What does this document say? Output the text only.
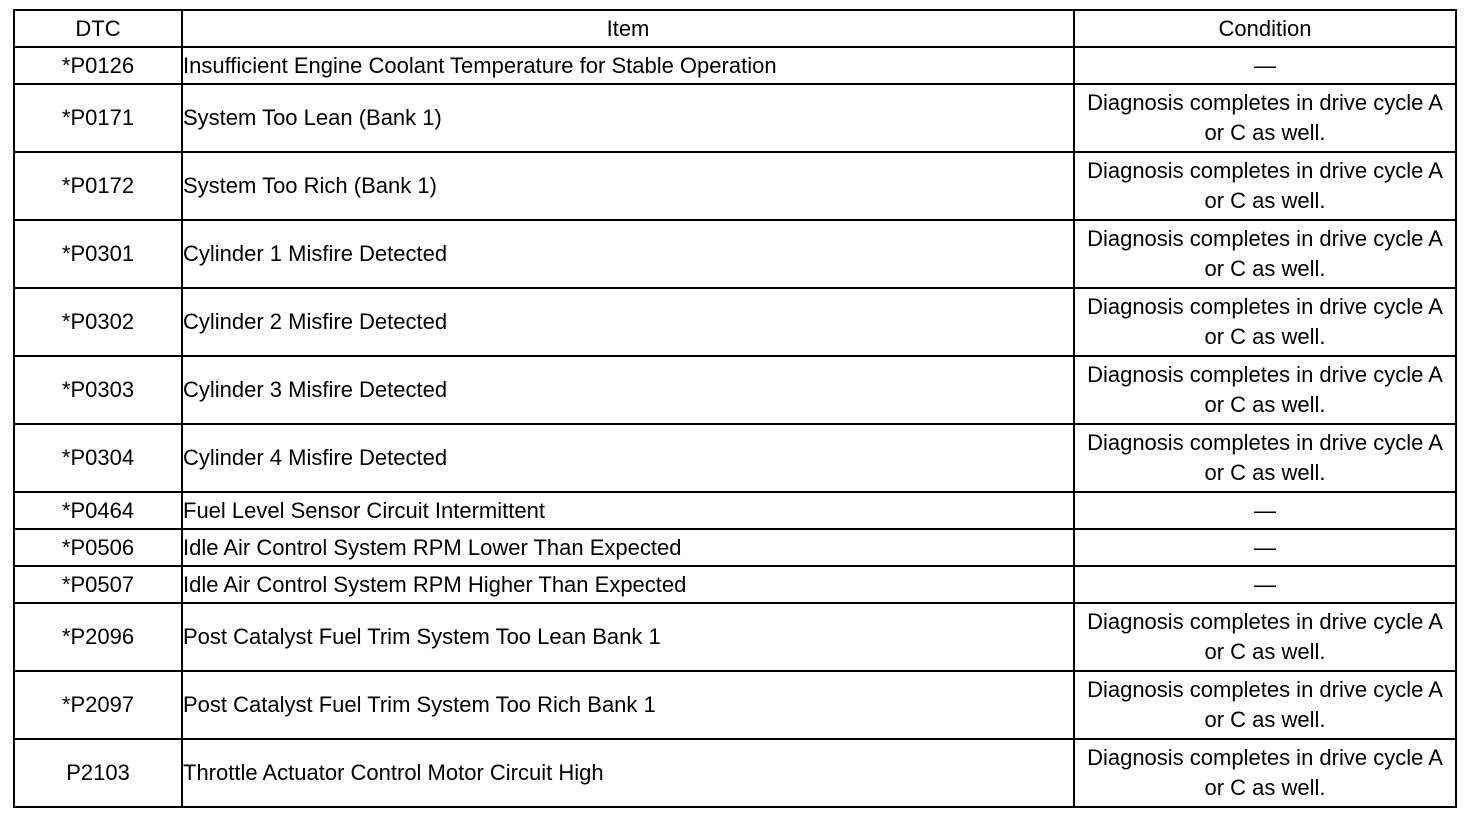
DTC	Item	Condition
*P0126	Insufficient Engine Coolant Temperature for Stable Operation	—
*P0171	System Too Lean (Bank 1)	Diagnosis completes in drive cycle A or C as well.
*P0172	System Too Rich (Bank 1)	Diagnosis completes in drive cycle A or C as well.
*P0301	Cylinder 1 Misfire Detected	Diagnosis completes in drive cycle A or C as well.
*P0302	Cylinder 2 Misfire Detected	Diagnosis completes in drive cycle A or C as well.
*P0303	Cylinder 3 Misfire Detected	Diagnosis completes in drive cycle A or C as well.
*P0304	Cylinder 4 Misfire Detected	Diagnosis completes in drive cycle A or C as well.
*P0464	Fuel Level Sensor Circuit Intermittent	—
*P0506	Idle Air Control System RPM Lower Than Expected	—
*P0507	Idle Air Control System RPM Higher Than Expected	—
*P2096	Post Catalyst Fuel Trim System Too Lean Bank 1	Diagnosis completes in drive cycle A or C as well.
*P2097	Post Catalyst Fuel Trim System Too Rich Bank 1	Diagnosis completes in drive cycle A or C as well.
P2103	Throttle Actuator Control Motor Circuit High	Diagnosis completes in drive cycle A or C as well.
